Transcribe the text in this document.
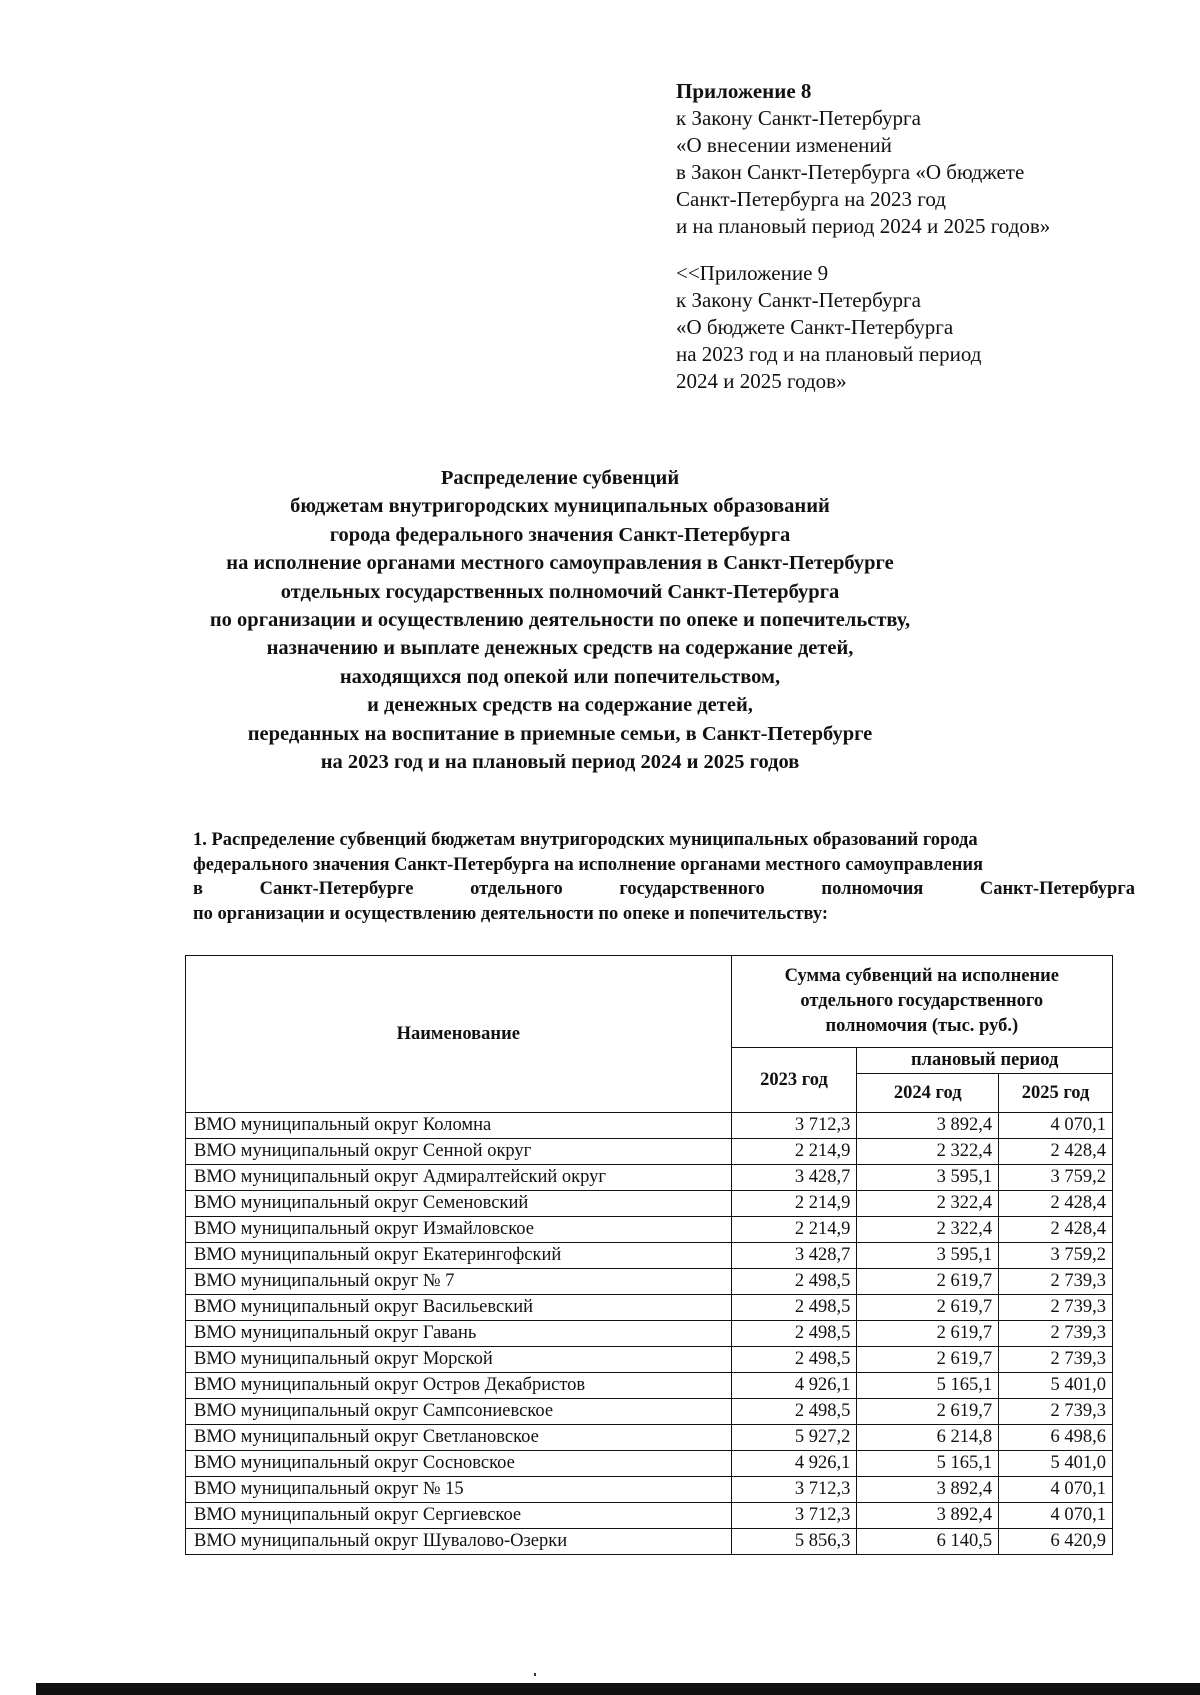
Приложение 8
к Закону Санкт-Петербурга
«О внесении изменений
в Закон Санкт-Петербурга «О бюджете
Санкт-Петербурга на 2023 год
и на плановый период 2024 и 2025 годов»
<<Приложение 9
к Закону Санкт-Петербурга
«О бюджете Санкт-Петербурга
на 2023 год и на плановый период
2024 и 2025 годов»
Распределение субвенций
бюджетам внутригородских муниципальных образований
города федерального значения Санкт-Петербурга
на исполнение органами местного самоуправления в Санкт-Петербурге
отдельных государственных полномочий Санкт-Петербурга
по организации и осуществлению деятельности по опеке и попечительству,
назначению и выплате денежных средств на содержание детей,
находящихся под опекой или попечительством,
и денежных средств на содержание детей,
переданных на воспитание в приемные семьи, в Санкт-Петербурге
на 2023 год и на плановый период 2024 и 2025 годов
1. Распределение субвенций бюджетам внутригородских муниципальных образований города
федерального значения Санкт-Петербурга на исполнение органами местного самоуправления
в	Санкт-Петербурге	отдельного	государственного	полномочия	Санкт-Петербурга
по организации и осуществлению деятельности по опеке и попечительству:
Наименование	Сумма субвенций на исполнение отдельного государственного полномочия (тыс. руб.)		
	2023 год	плановый период	
		2024 год	2025 год
ВМО муниципальный округ Коломна	3 712,3	3 892,4	4 070,1
ВМО муниципальный округ Сенной округ	2 214,9	2 322,4	2 428,4
ВМО муниципальный округ Адмиралтейский округ	3 428,7	3 595,1	3 759,2
ВМО муниципальный округ Семеновский	2 214,9	2 322,4	2 428,4
ВМО муниципальный округ Измайловское	2 214,9	2 322,4	2 428,4
ВМО муниципальный округ Екатерингофский	3 428,7	3 595,1	3 759,2
ВМО муниципальный округ № 7	2 498,5	2 619,7	2 739,3
ВМО муниципальный округ Васильевский	2 498,5	2 619,7	2 739,3
ВМО муниципальный округ Гавань	2 498,5	2 619,7	2 739,3
ВМО муниципальный округ Морской	2 498,5	2 619,7	2 739,3
ВМО муниципальный округ Остров Декабристов	4 926,1	5 165,1	5 401,0
ВМО муниципальный округ Сампсониевское	2 498,5	2 619,7	2 739,3
ВМО муниципальный округ Светлановское	5 927,2	6 214,8	6 498,6
ВМО муниципальный округ Сосновское	4 926,1	5 165,1	5 401,0
ВМО муниципальный округ № 15	3 712,3	3 892,4	4 070,1
ВМО муниципальный округ Сергиевское	3 712,3	3 892,4	4 070,1
ВМО муниципальный округ Шувалово-Озерки	5 856,3	6 140,5	6 420,9
